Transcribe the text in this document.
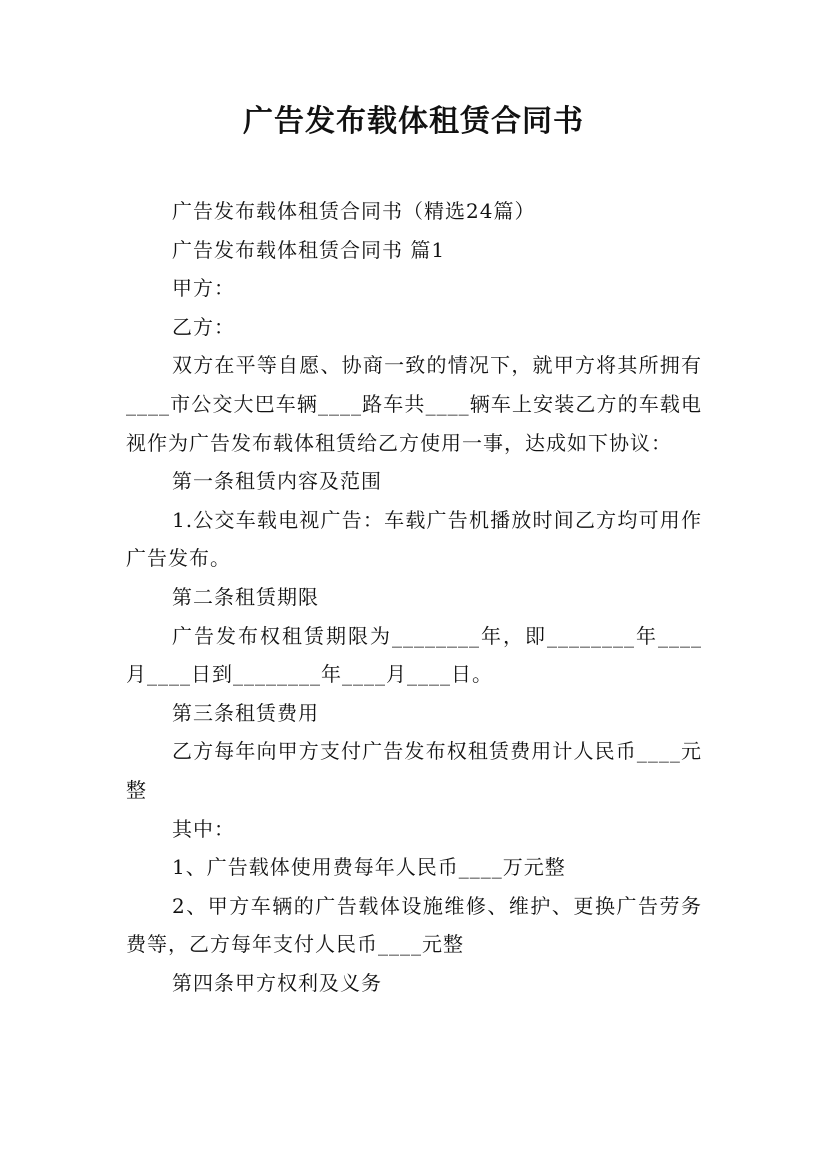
广告发布载体租赁合同书

广告发布载体租赁合同书（精选24篇）

广告发布载体租赁合同书 篇1

甲方：

乙方：

双方在平等自愿、协商一致的情况下，就甲方将其所拥有____市公交大巴车辆____路车共____辆车上安装乙方的车载电视作为广告发布载体租赁给乙方使用一事，达成如下协议：

第一条租赁内容及范围

1.公交车载电视广告：车载广告机播放时间乙方均可用作广告发布。

第二条租赁期限

广告发布权租赁期限为________年，即________年____月____日到________年____月____日。

第三条租赁费用

乙方每年向甲方支付广告发布权租赁费用计人民币____元整

其中：

1、广告载体使用费每年人民币____万元整

2、甲方车辆的广告载体设施维修、维护、更换广告劳务费等，乙方每年支付人民币____元整

第四条甲方权利及义务
